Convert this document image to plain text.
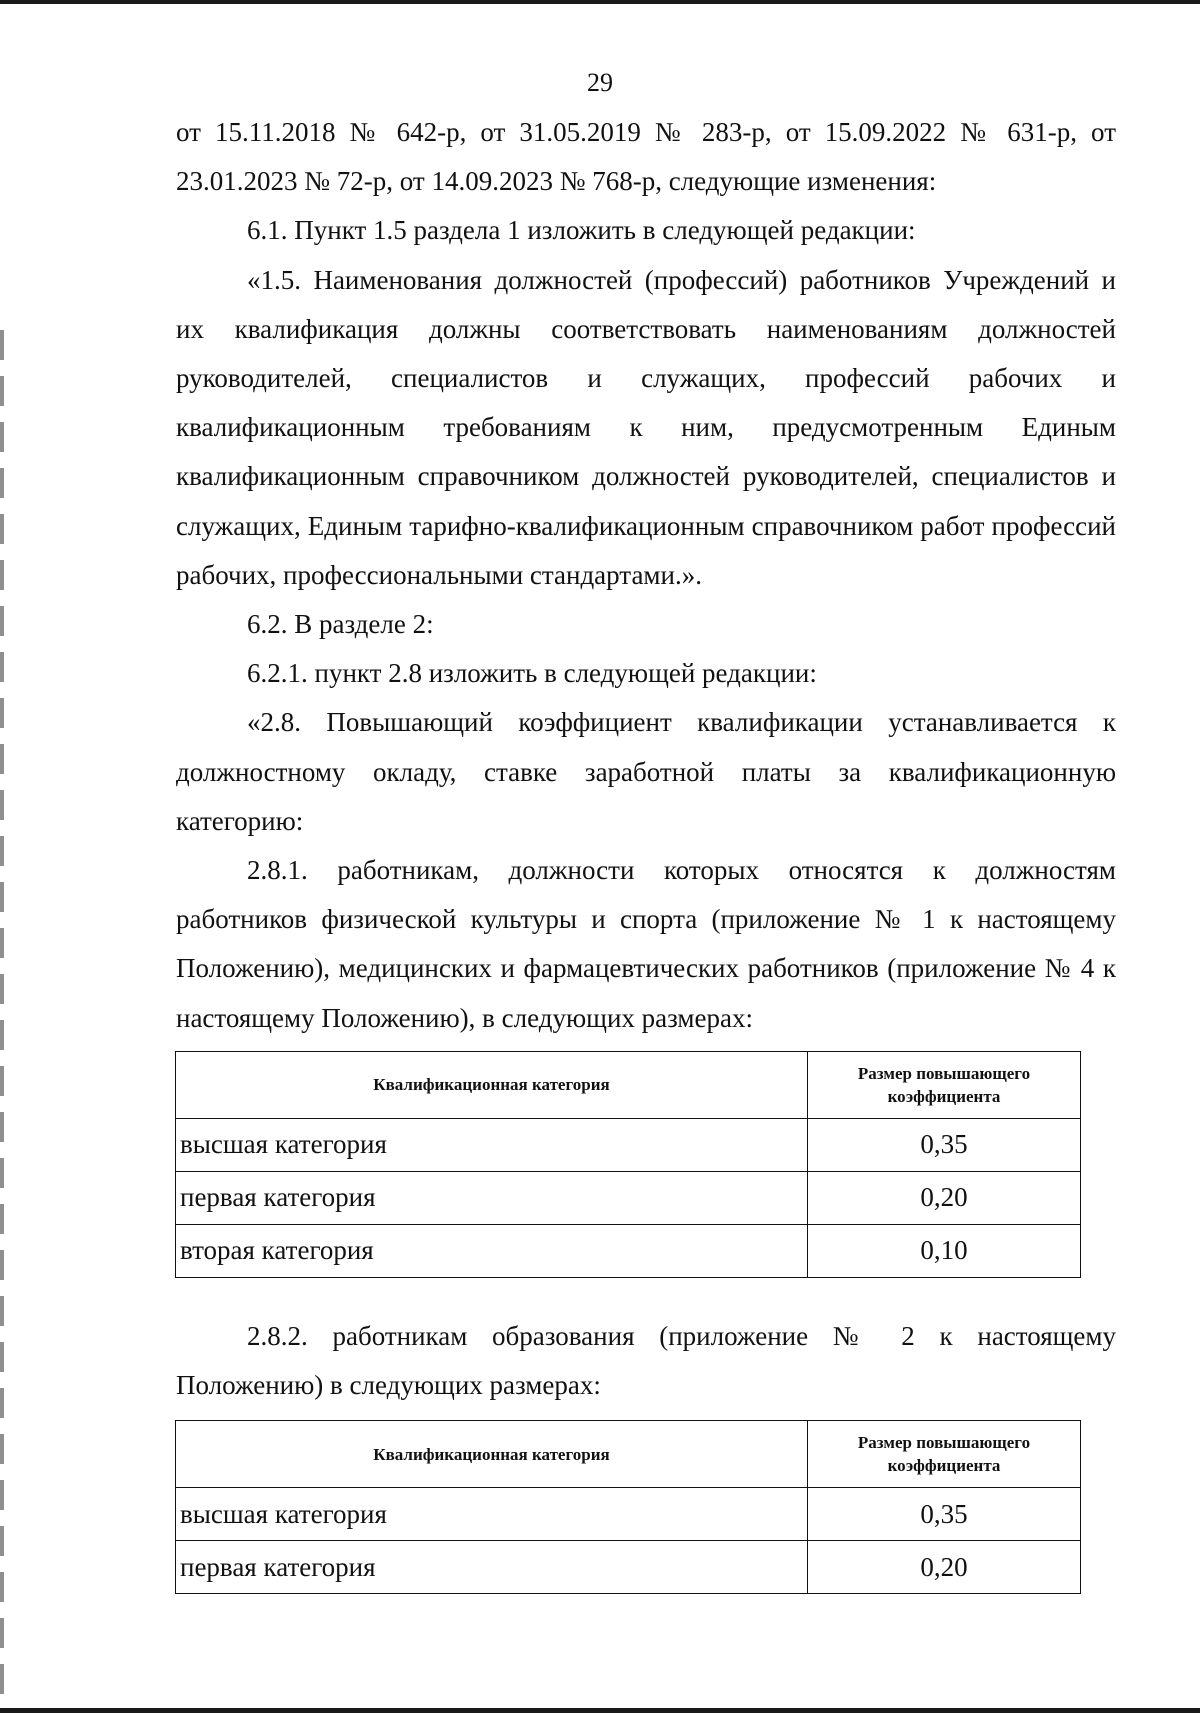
29

от 15.11.2018 № 642-р, от 31.05.2019 № 283-р, от 15.09.2022 № 631-р, от 23.01.2023 № 72-р, от 14.09.2023 № 768-р, следующие изменения:

6.1. Пункт 1.5 раздела 1 изложить в следующей редакции:

«1.5. Наименования должностей (профессий) работников Учреждений и их квалификация должны соответствовать наименованиям должностей руководителей, специалистов и служащих, профессий рабочих и квалификационным требованиям к ним, предусмотренным Единым квалификационным справочником должностей руководителей, специалистов и служащих, Единым тарифно-квалификационным справочником работ профессий рабочих, профессиональными стандартами.».

6.2. В разделе 2:

6.2.1. пункт 2.8 изложить в следующей редакции:

«2.8. Повышающий коэффициент квалификации устанавливается к должностному окладу, ставке заработной платы за квалификационную категорию:

2.8.1. работникам, должности которых относятся к должностям работников физической культуры и спорта (приложение № 1 к настоящему Положению), медицинских и фармацевтических работников (приложение № 4 к настоящему Положению), в следующих размерах:

Квалификационная категория	Размер повышающего коэффициента
высшая категория	0,35
первая категория	0,20
вторая категория	0,10

2.8.2. работникам образования (приложение № 2 к настоящему Положению) в следующих размерах:

Квалификационная категория	Размер повышающего коэффициента
высшая категория	0,35
первая категория	0,20
